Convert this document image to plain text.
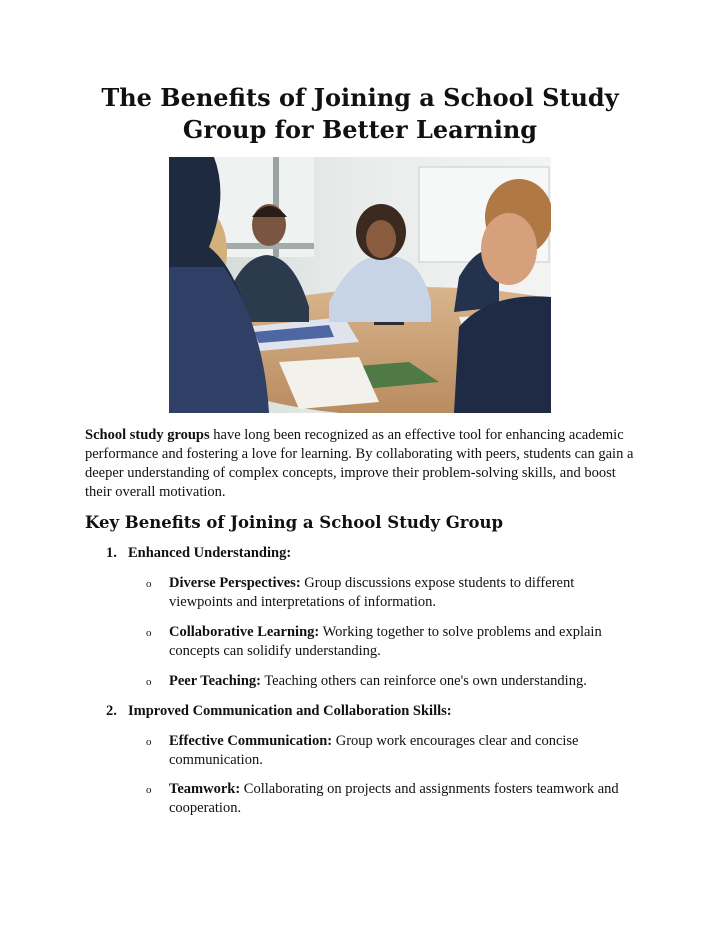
The Benefits of Joining a School Study Group for Better Learning

School study groups have long been recognized as an effective tool for enhancing academic performance and fostering a love for learning. By collaborating with peers, students can gain a deeper understanding of complex concepts, improve their problem-solving skills, and boost their overall motivation.

Key Benefits of Joining a School Study Group
1. Enhanced Understanding:
o	Diverse Perspectives: Group discussions expose students to different viewpoints and interpretations of information.
o	Collaborative Learning: Working together to solve problems and explain concepts can solidify understanding.
o	Peer Teaching: Teaching others can reinforce one's own understanding.
2. Improved Communication and Collaboration Skills:
o	Effective Communication: Group work encourages clear and concise communication.
o	Teamwork: Collaborating on projects and assignments fosters teamwork and cooperation.
